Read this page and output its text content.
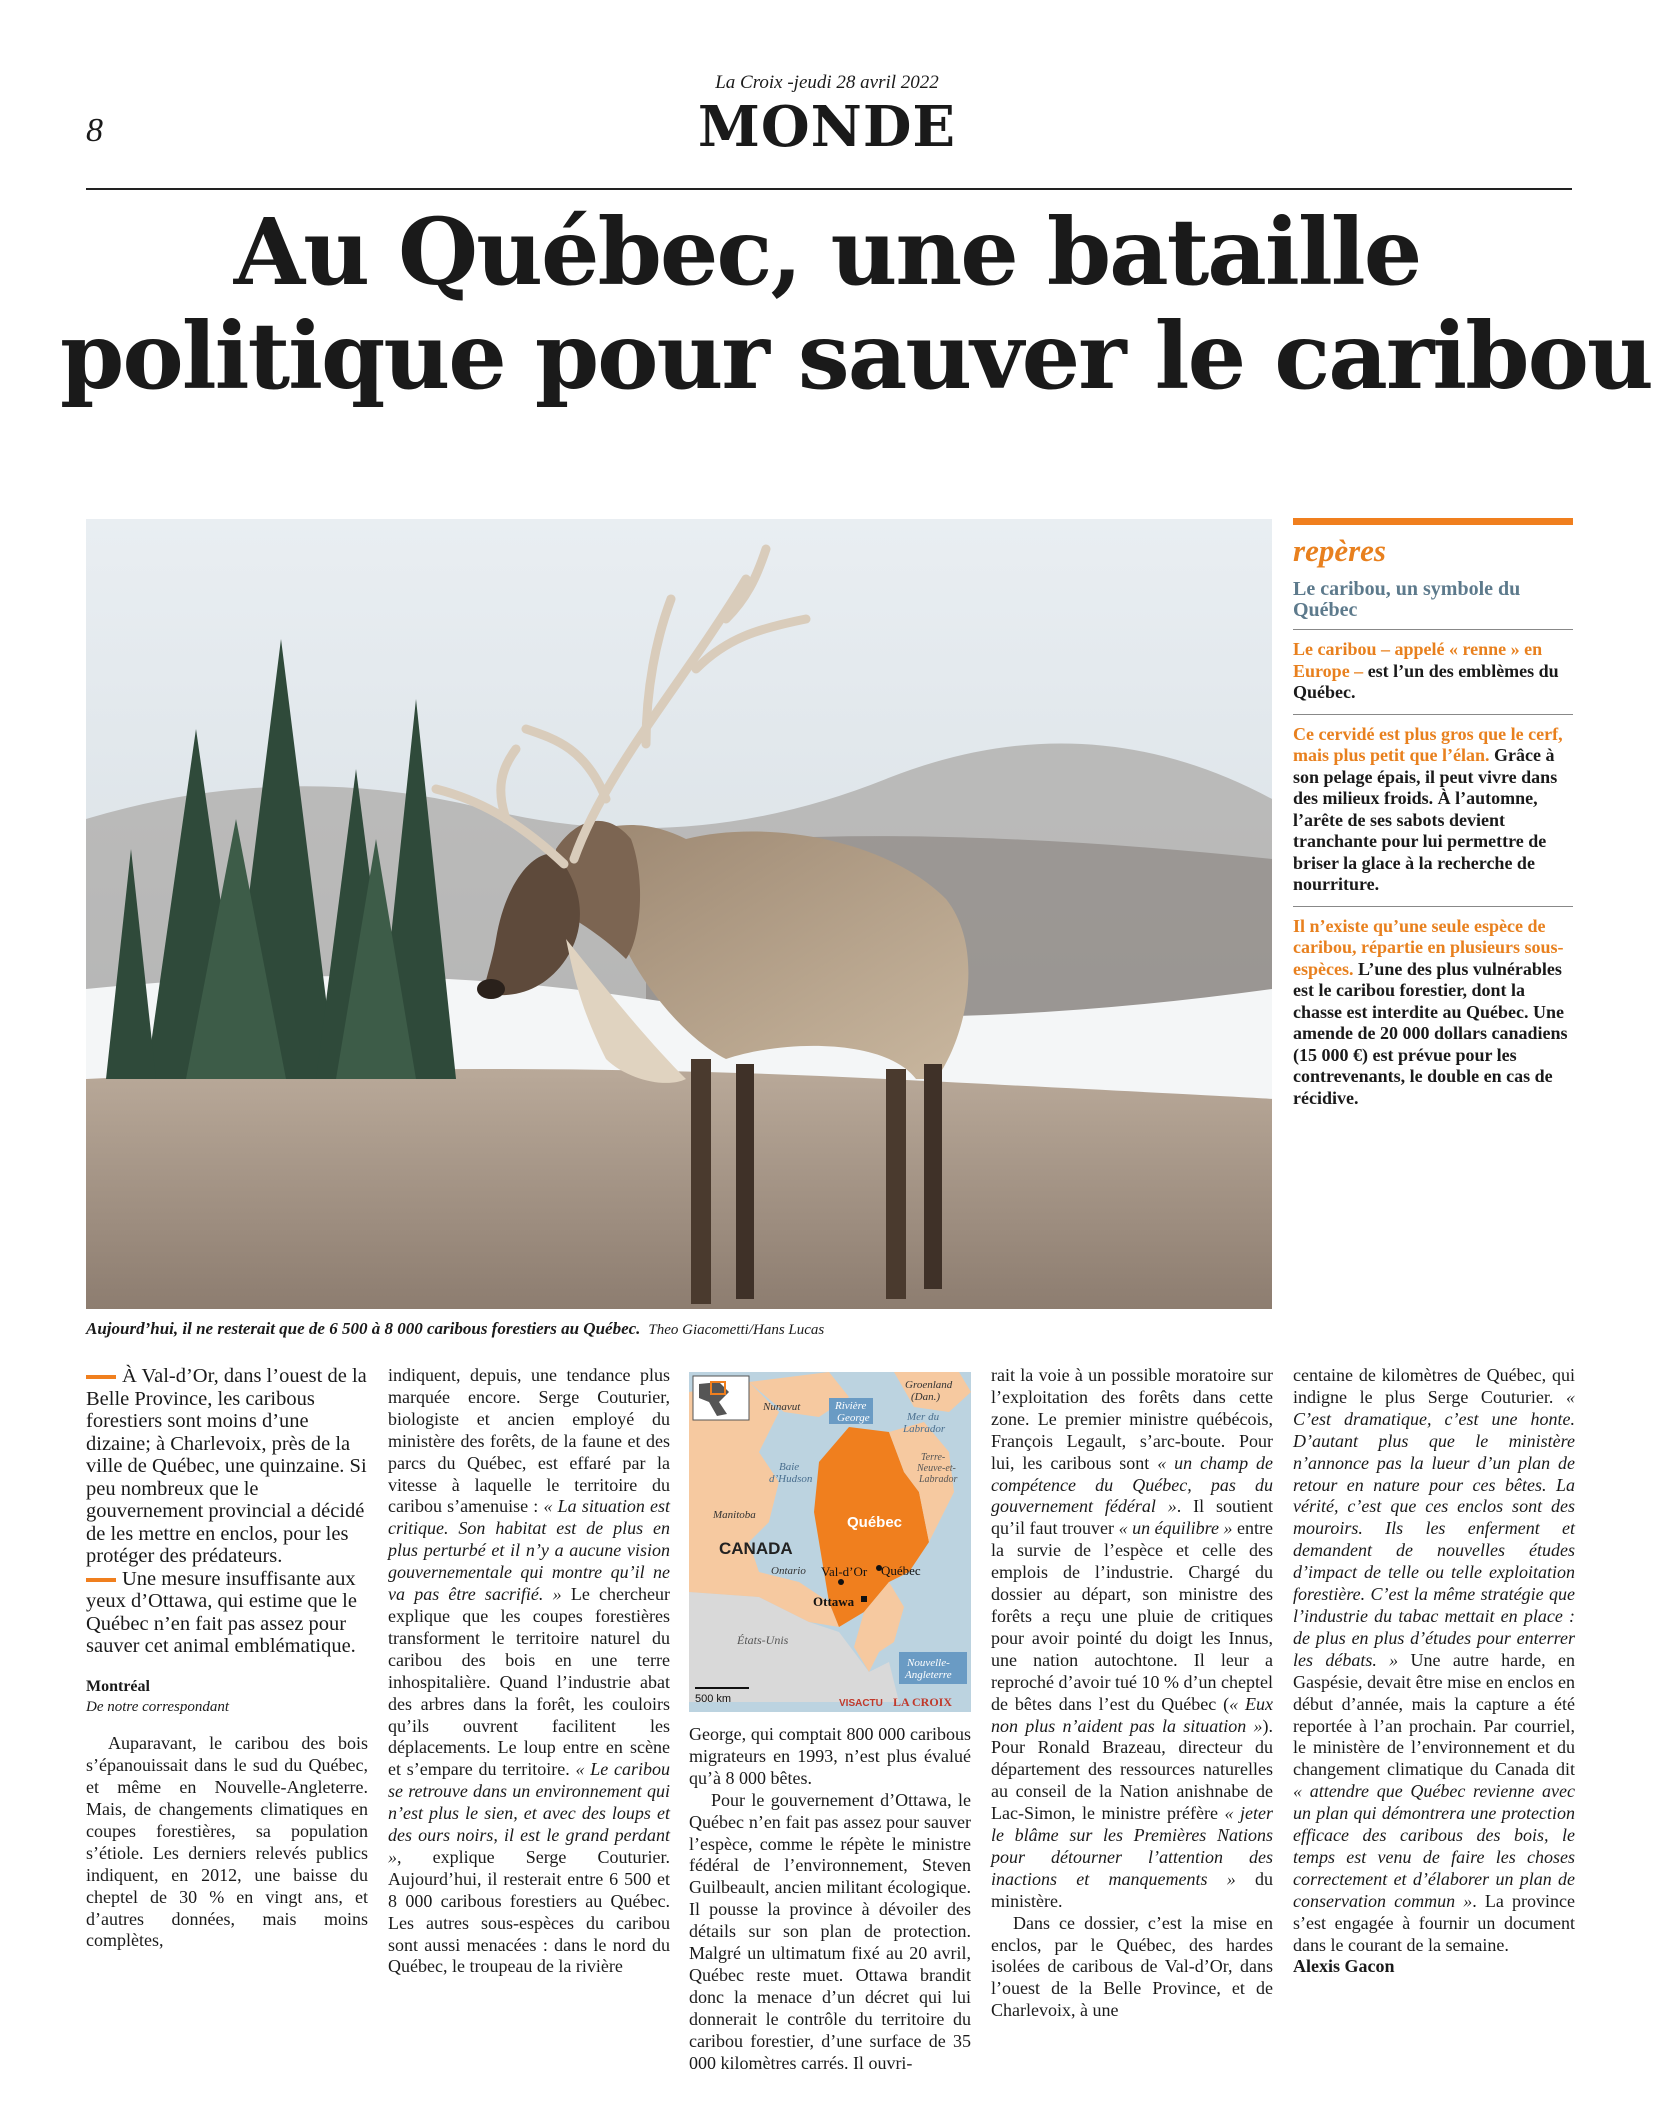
8
La Croix -jeudi 28 avril 2022
MONDE
Au Québec, une bataille
politique pour sauver le caribou
Aujourd’hui, il ne resterait que de 6 500 à 8 000 caribous forestiers au Québec. Theo Giacometti/Hans Lucas
repères
Le caribou, un symbole du Québec
Le caribou – appelé « renne » en Europe – est l’un des emblèmes du Québec.
Ce cervidé est plus gros que le cerf, mais plus petit que l’élan. Grâce à son pelage épais, il peut vivre dans des milieux froids. À l’automne, l’arête de ses sabots devient tranchante pour lui permettre de briser la glace à la recherche de nourriture.
Il n’existe qu’une seule espèce de caribou, répartie en plusieurs sous-espèces. L’une des plus vulnérables est le caribou forestier, dont la chasse est interdite au Québec. Une amende de 20 000 dollars canadiens (15 000 €) est prévue pour les contrevenants, le double en cas de récidive.

À Val-d’Or, dans l’ouest de la Belle Province, les caribous forestiers sont moins d’une dizaine; à Charlevoix, près de la ville de Québec, une quinzaine. Si peu nombreux que le gouvernement provincial a décidé de les mettre en enclos, pour les protéger des prédateurs.

Une mesure insuffisante aux yeux d’Ottawa, qui estime que le Québec n’en fait pas assez pour sauver cet animal emblématique.

Montréal
De notre correspondant

Auparavant, le caribou des bois s’épanouissait dans le sud du Québec, et même en Nouvelle-Angleterre. Mais, de changements climatiques en coupes forestières, sa population s’étiole. Les derniers relevés publics indiquent, en 2012, une baisse du cheptel de 30 % en vingt ans, et d’autres données, mais moins complètes,

indiquent, depuis, une tendance plus marquée encore. Serge Couturier, biologiste et ancien employé du ministère des forêts, de la faune et des parcs du Québec, est effaré par la vitesse à laquelle le territoire du caribou s’amenuise : « La situation est critique. Son habitat est de plus en plus perturbé et il n’y a aucune vision gouvernementale qui montre qu’il ne va pas être sacrifié. » Le chercheur explique que les coupes forestières transforment le territoire naturel du caribou des bois en une terre inhospitalière. Quand l’industrie abat des arbres dans la forêt, les couloirs qu’ils ouvrent facilitent les déplacements. Le loup entre en scène et s’empare du territoire. « Le caribou se retrouve dans un environnement qui n’est plus le sien, et avec des loups et des ours noirs, il est le grand perdant », explique Serge Couturier. Aujourd’hui, il resterait entre 6 500 et 8 000 caribous forestiers au Québec. Les autres sous-espèces du caribou sont aussi menacées : dans le nord du Québec, le troupeau de la rivière

Groenland
(Dan.)
Nunavut	Rivière
George	Mer du
Labrador
Baie
d’Hudson
Terre-
Neuve-et-
Labrador
Manitoba	Québec
CANADA
Ontario Val-d’Or Québec
Ottawa
États-Unis
Nouvelle-
Angleterre
500 km	VISACTU LA CROIX

George, qui comptait 800 000 caribous migrateurs en 1993, n’est plus évalué qu’à 8 000 bêtes.

Pour le gouvernement d’Ottawa, le Québec n’en fait pas assez pour sauver l’espèce, comme le répète le ministre fédéral de l’environnement, Steven Guilbeault, ancien militant écologique. Il pousse la province à dévoiler des détails sur son plan de protection. Malgré un ultimatum fixé au 20 avril, Québec reste muet. Ottawa brandit donc la menace d’un décret qui lui donnerait le contrôle du territoire du caribou forestier, d’une surface de 35 000 kilomètres carrés. Il ouvri-

rait la voie à un possible moratoire sur l’exploitation des forêts dans cette zone. Le premier ministre québécois, François Legault, s’arc-boute. Pour lui, les caribous sont « un champ de compétence du Québec, pas du gouvernement fédéral ». Il soutient qu’il faut trouver « un équilibre » entre la survie de l’espèce et celle des emplois de l’industrie. Chargé du dossier au départ, son ministre des forêts a reçu une pluie de critiques pour avoir pointé du doigt les Innus, une nation autochtone. Il leur a reproché d’avoir tué 10 % d’un cheptel de bêtes dans l’est du Québec (« Eux non plus n’aident pas la situation »). Pour Ronald Brazeau, directeur du département des ressources naturelles au conseil de la Nation anishnabe de Lac-Simon, le ministre préfère « jeter le blâme sur les Premières Nations pour détourner l’attention des inactions et manquements » du ministère.

Dans ce dossier, c’est la mise en enclos, par le Québec, des hardes isolées de caribous de Val-d’Or, dans l’ouest de la Belle Province, et de Charlevoix, à une

centaine de kilomètres de Québec, qui indigne le plus Serge Couturier. « C’est dramatique, c’est une honte. D’autant plus que le ministère n’annonce pas la lueur d’un plan de retour en nature pour ces bêtes. La vérité, c’est que ces enclos sont des mouroirs. Ils les enferment et demandent de nouvelles études d’impact de telle ou telle exploitation forestière. C’est la même stratégie que l’industrie du tabac mettait en place : de plus en plus d’études pour enterrer les débats. » Une autre harde, en Gaspésie, devait être mise en enclos en début d’année, mais la capture a été reportée à l’an prochain. Par courriel, le ministère de l’environnement et du changement climatique du Canada dit « attendre que Québec revienne avec un plan qui démontrera une protection efficace des caribous des bois, le temps est venu de faire les choses correctement et d’élaborer un plan de conservation commun ». La province s’est engagée à fournir un document dans le courant de la semaine.

Alexis Gacon
